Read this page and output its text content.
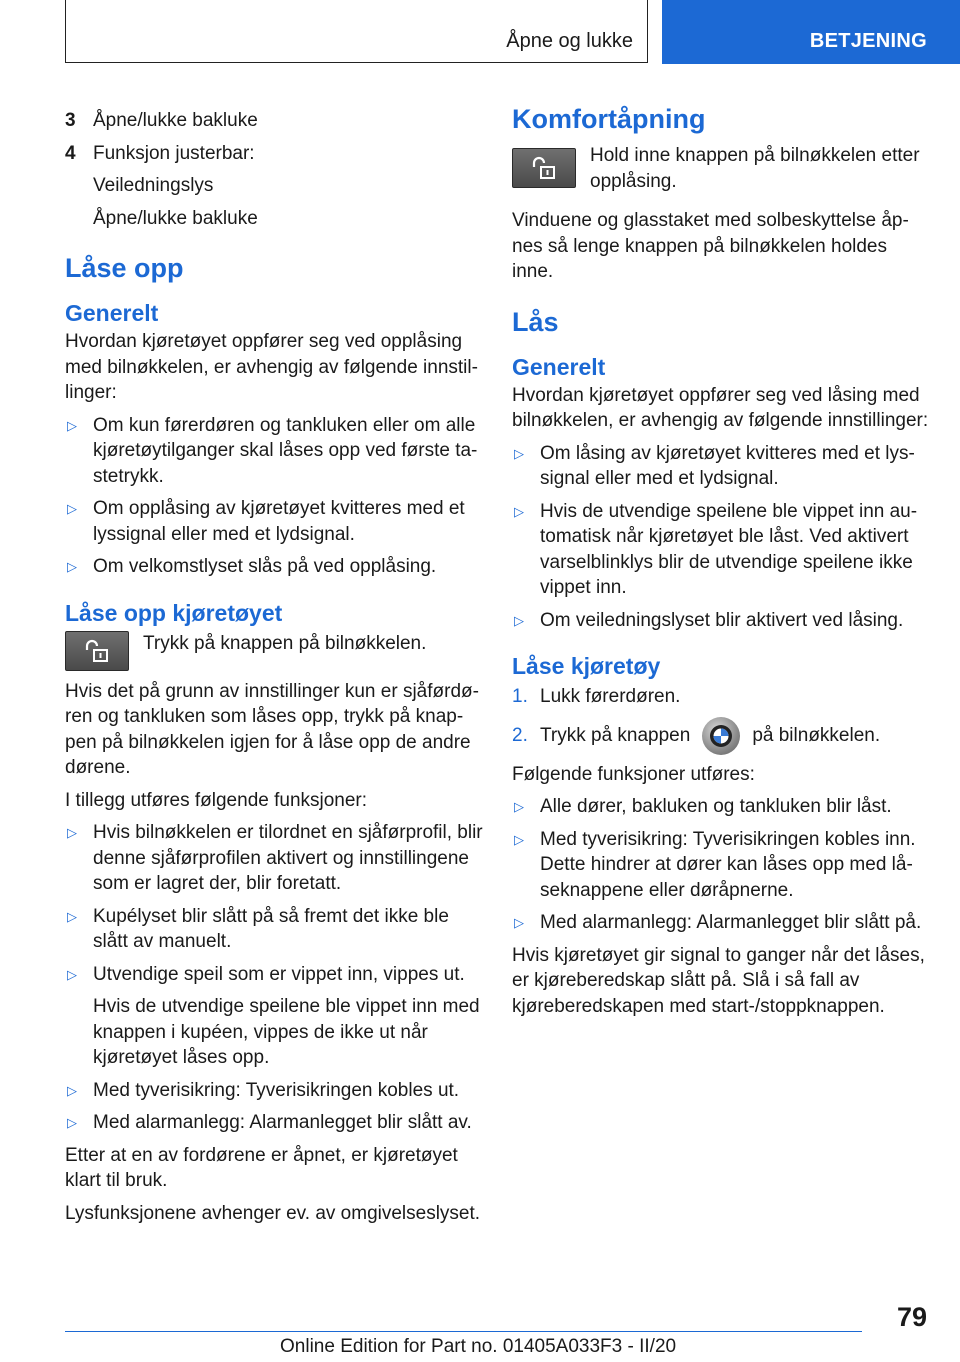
Åpne og lukke	BETJENING
3 Åpne/lukke bakluke
4 Funksjon justerbar:
Veiledningslys
Åpne/lukke bakluke
Låse opp
Generelt

Hvordan kjøretøyet oppfører seg ved opplåsing med bilnøkkelen, er avhengig av følgende innstillinger:

▷ Om kun førerdøren og tankluken eller om alle kjøretøytilganger skal låses opp ved første tastetrykk.
▷ Om opplåsing av kjøretøyet kvitteres med et lyssignal eller med et lydsignal.
▷ Om velkomstlyset slås på ved opplåsing.
Låse opp kjøretøyet
Trykk på knappen på bilnøkkelen.

Hvis det på grunn av innstillinger kun er sjåførdøren og tankluken som låses opp, trykk på knappen på bilnøkkelen igjen for å låse opp de andre dørene.

I tillegg utføres følgende funksjoner:

▷ Hvis bilnøkkelen er tilordnet en sjåførprofil, blir denne sjåførprofilen aktivert og innstillingene som er lagret der, blir foretatt.
▷ Kupélyset blir slått på så fremt det ikke ble slått av manuelt.
▷ Utvendige speil som er vippet inn, vippes ut.
Hvis de utvendige speilene ble vippet inn med knappen i kupéen, vippes de ikke ut når kjøretøyet låses opp.
▷ Med tyverisikring: Tyverisikringen kobles ut.
▷ Med alarmanlegg: Alarmanlegget blir slått av.

Etter at en av fordørene er åpnet, er kjøretøyet klart til bruk.

Lysfunksjonene avhenger ev. av omgivelseslyset.

Komfortåpning
Hold inne knappen på bilnøkkelen etter opplåsing.

Vinduene og glasstaket med solbeskyttelse åpnes så lenge knappen på bilnøkkelen holdes inne.

Lås
Generelt

Hvordan kjøretøyet oppfører seg ved låsing med bilnøkkelen, er avhengig av følgende innstillinger:

▷ Om låsing av kjøretøyet kvitteres med et lyssignal eller med et lydsignal.
▷ Hvis de utvendige speilene ble vippet inn automatisk når kjøretøyet ble låst. Ved aktivert varselblinklys blir de utvendige speilene ikke vippet inn.
▷ Om veiledningslyset blir aktivert ved låsing.
Låse kjøretøy
1. Lukk førerdøren.
2. Trykk på knappen	på bilnøkkelen.

Følgende funksjoner utføres:

▷ Alle dører, bakluken og tankluken blir låst.
▷ Med tyverisikring: Tyverisikringen kobles inn. Dette hindrer at dører kan låses opp med låseknappene eller døråpnerne.
▷ Med alarmanlegg: Alarmanlegget blir slått på.

Hvis kjøretøyet gir signal to ganger når det låses, er kjøreberedskap slått på. Slå i så fall av kjøreberedskapen med start-/stoppknappen.

79
Online Edition for Part no. 01405A033F3 - II/20
